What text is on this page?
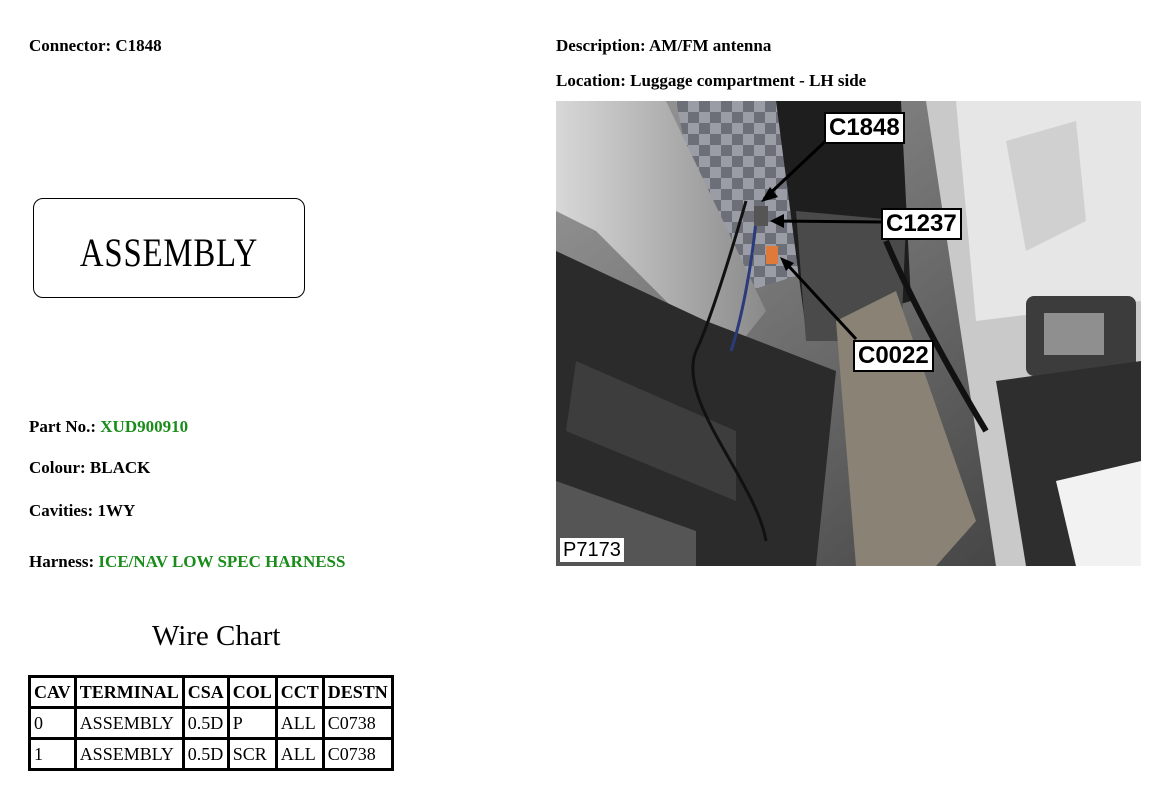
Connector: C1848
ASSEMBLY
Part No.: XUD900910
Colour: BLACK
Cavities: 1WY
Harness: ICE/NAV LOW SPEC HARNESS
Wire Chart
CAV	TERMINAL	CSA	COL	CCT	DESTN
0	ASSEMBLY	0.5D	P	ALL	C0738
1	ASSEMBLY	0.5D	SCR	ALL	C0738
Description: AM/FM antenna
Location: Luggage compartment - LH side
C1848
C1237
C0022
P7173
